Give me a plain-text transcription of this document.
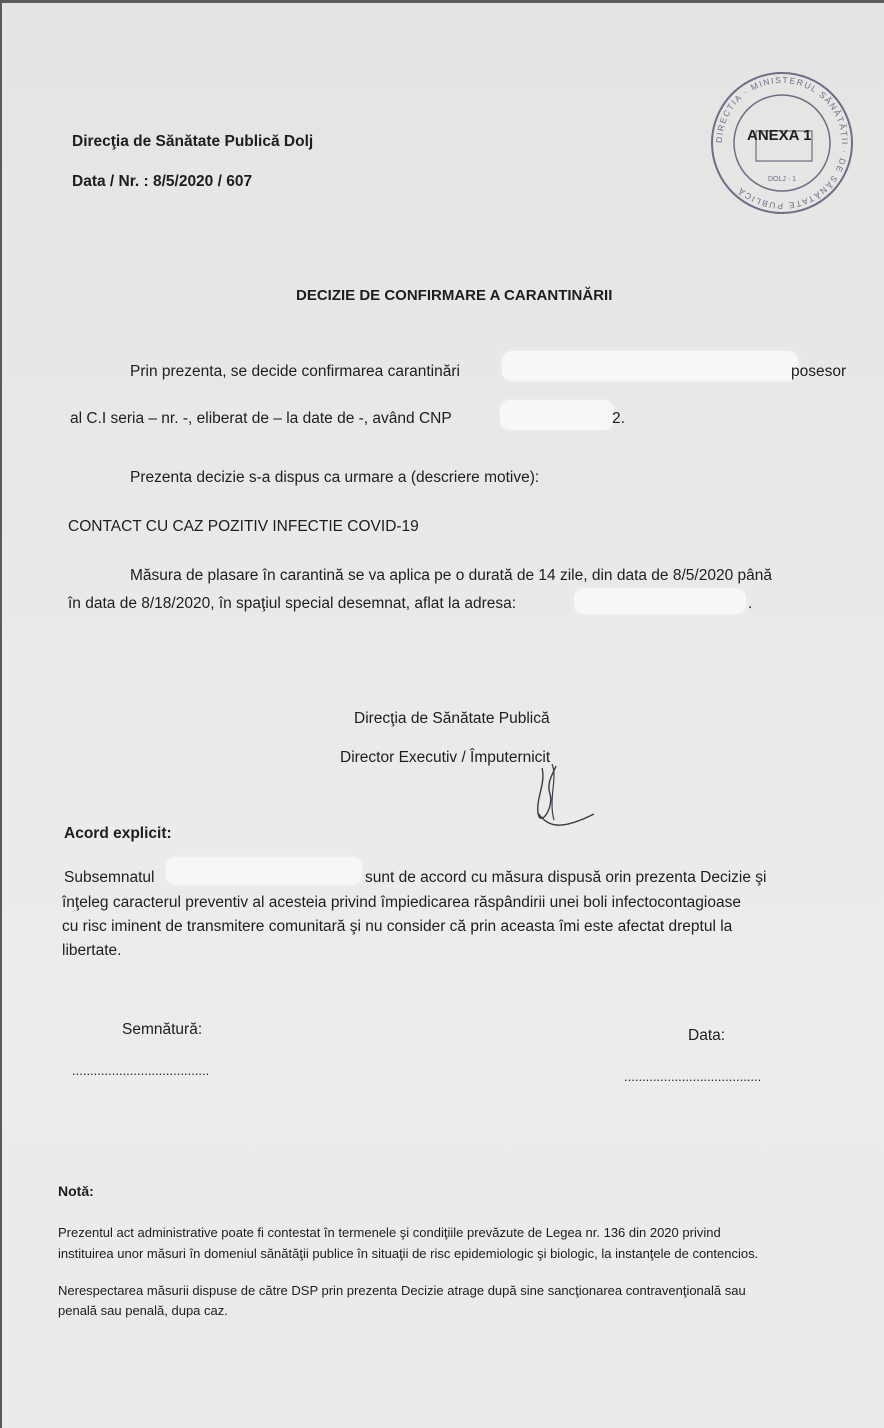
Direcţia de Sănătate Publică Dolj
Data / Nr. : 8/5/2020 / 607
DIRECTIA · MINISTERUL SĂNĂTĂȚII · DE SĂNĂTATE PUBLICĂ
DOLJ · 1
ANEXA 1
DECIZIE DE CONFIRMARE A CARANTINĂRII
Prin prezenta, se decide confirmarea carantinări	posesor
al C.I seria – nr. -, eliberat de – la date de -, având CNP	2.
Prezenta decizie s-a dispus ca urmare a (descriere motive):
CONTACT CU CAZ POZITIV INFECTIE COVID-19
Măsura de plasare în carantină se va aplica pe o durată de 14 zile, din data de 8/5/2020 până
în data de 8/18/2020, în spaţiul special desemnat, aflat la adresa:	.
Direcţia de Sănătate Publică
Director Executiv / Împuternicit
Acord explicit:
Subsemnatul	sunt de accord cu măsura dispusă orin prezenta Decizie şi
înţeleg caracterul preventiv al acesteia privind împiedicarea răspândirii unei boli infectocontagioase
cu risc iminent de transmitere comunitară şi nu consider că prin aceasta îmi este afectat dreptul la
libertate.
Semnătură:
......................................
Data:
......................................
Notă:
Prezentul act administrative poate fi contestat în termenele şi condiţiile prevăzute de Legea nr. 136 din 2020 privind
instituirea unor măsuri în domeniul sănătăţii publice în situaţii de risc epidemiologic şi biologic, la instanţele de contencios.
Nerespectarea măsurii dispuse de către DSP prin prezenta Decizie atrage după sine sancţionarea contravenţională sau
penală sau penală, dupa caz.
